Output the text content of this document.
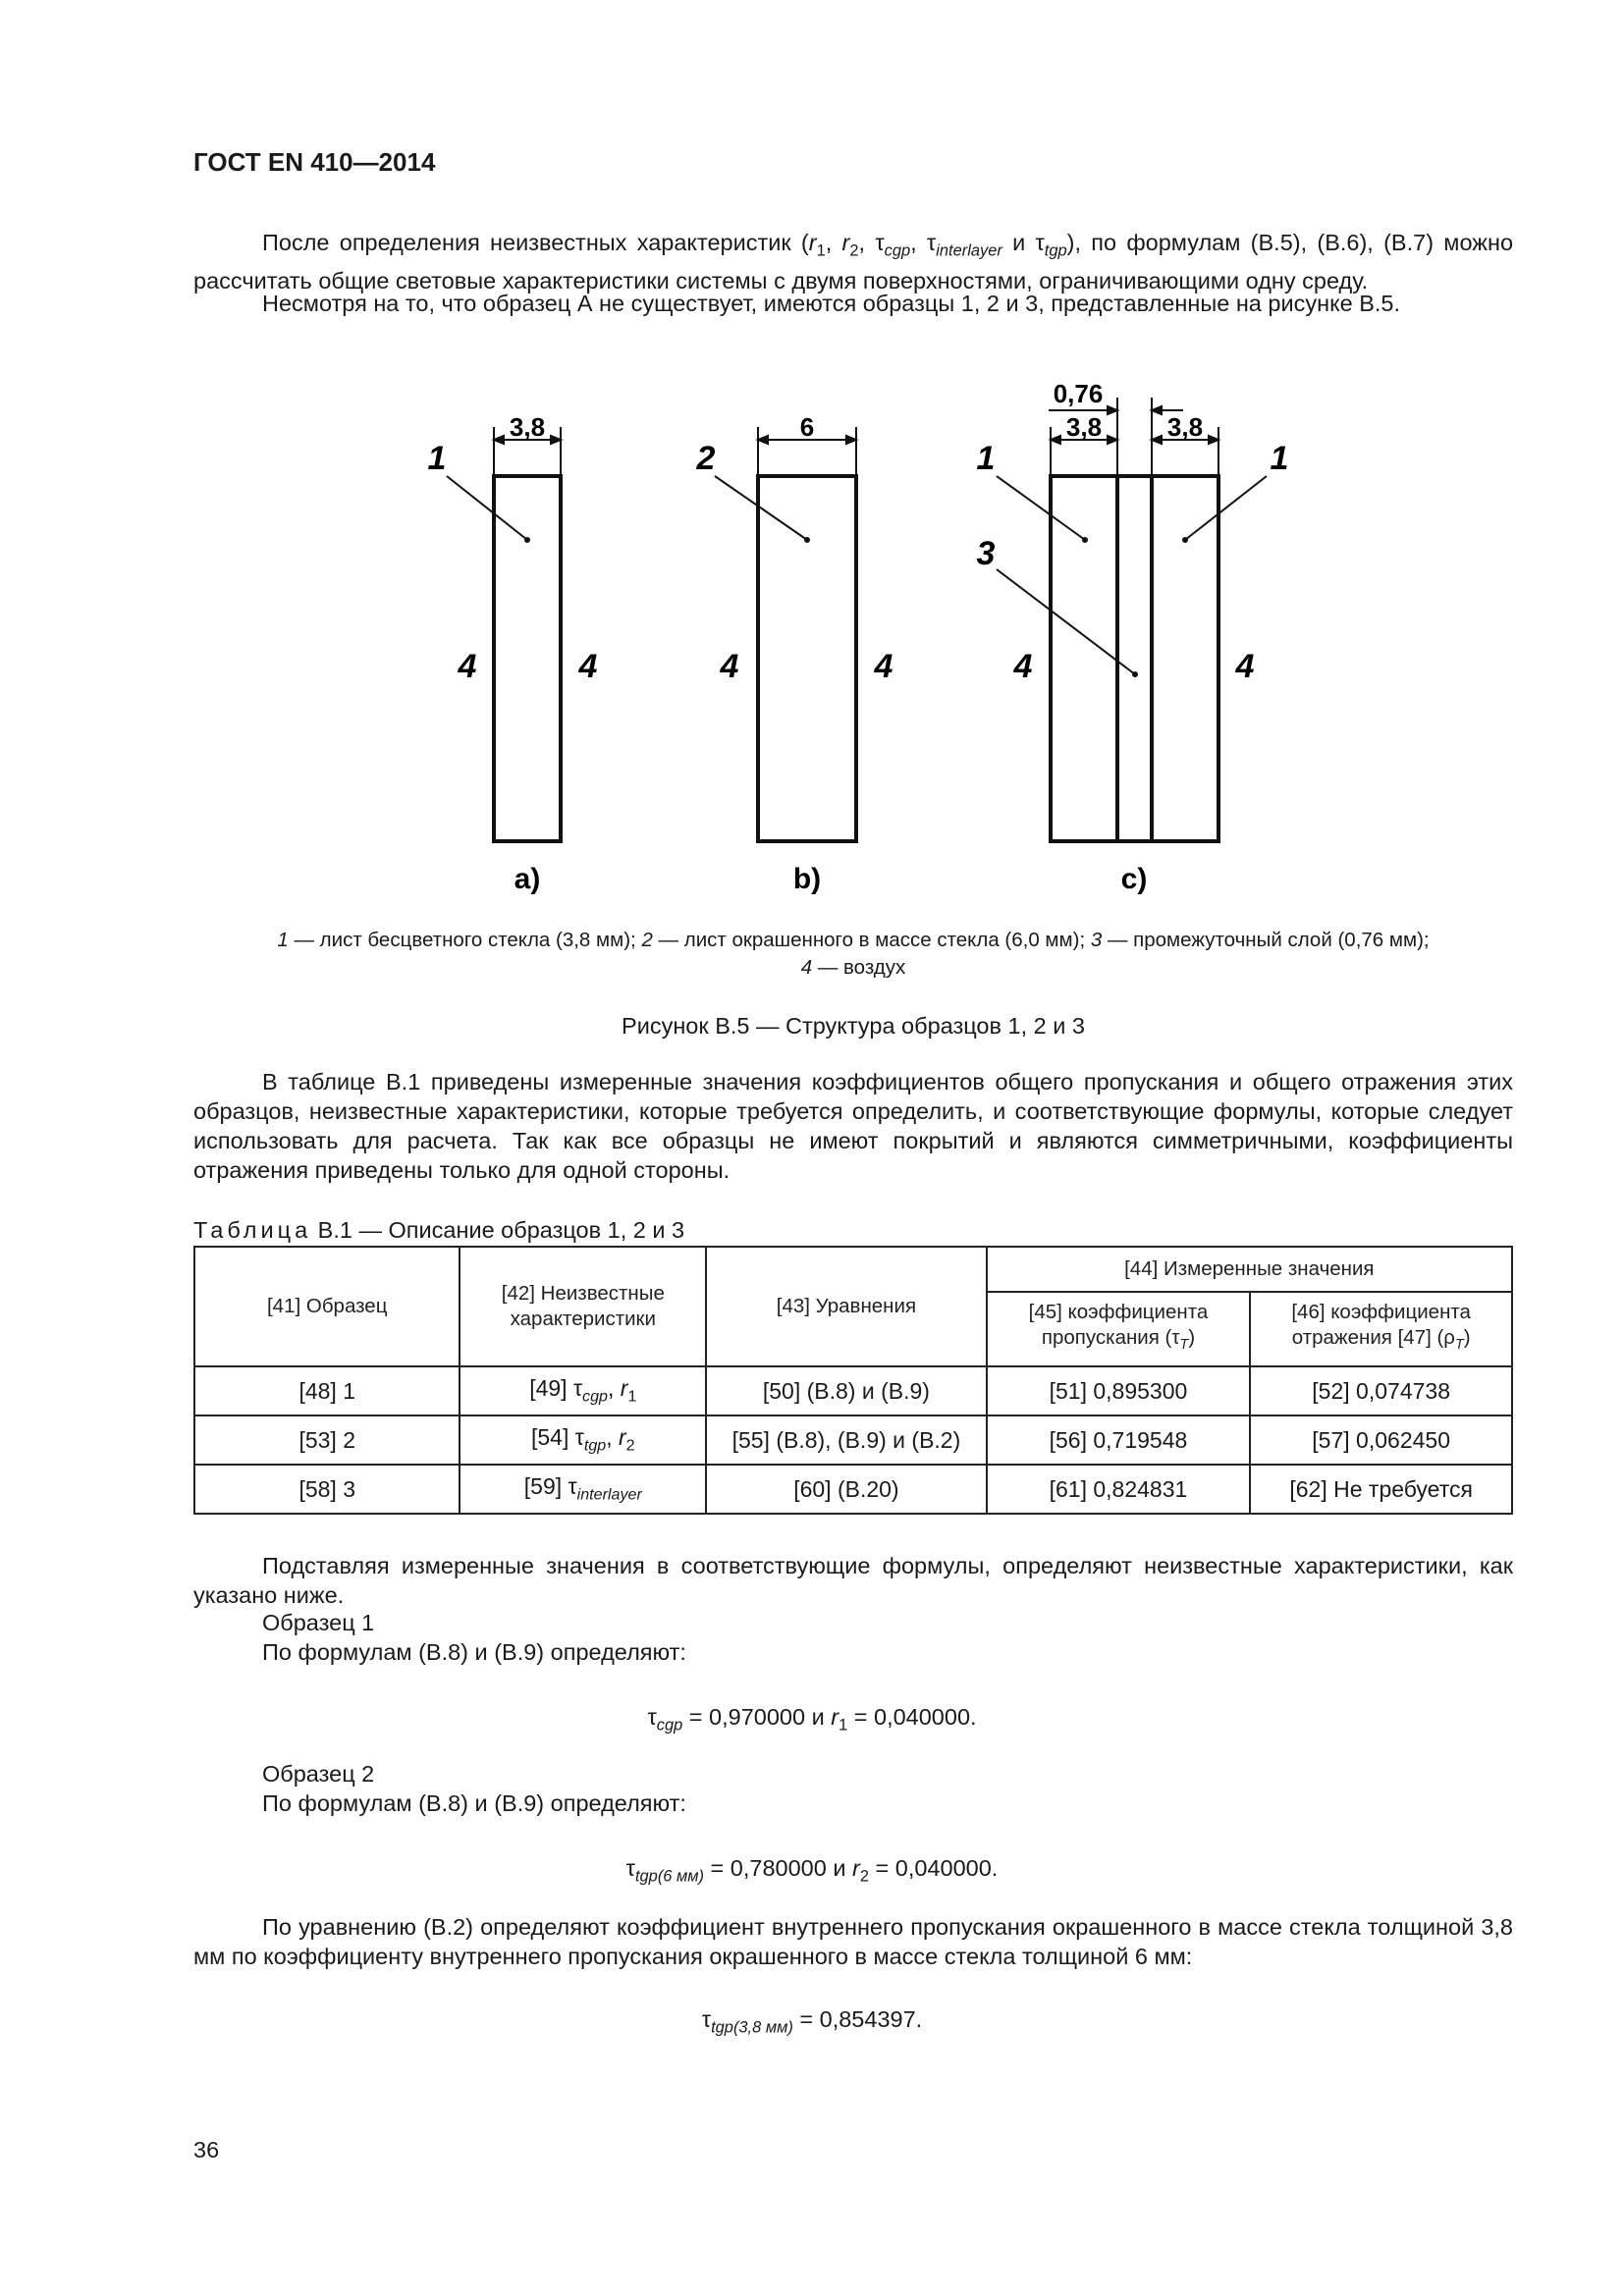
ГОСТ EN 410—2014
После определения неизвестных характеристик ($r_1$, $r_2$, $\tau_{cgp}$, $\tau_{interlayer}$ и $\tau_{tgp}$), по формулам (В.5), (В.6), (В.7) можно рассчитать общие световые характеристики системы с двумя поверхностями, ограничивающими одну среду.
Несмотря на то, что образец А не существует, имеются образцы 1, 2 и 3, представленные на рисунке В.5.
3,8	6
0,76
3,8	3,8
1	2	1
3
1
4	4	4	4	4	4
а)	b)	c)
1 — лист бесцветного стекла (3,8 мм); 2 — лист окрашенного в массе стекла (6,0 мм); 3 — промежуточный слой (0,76 мм);
4 — воздух
Рисунок В.5 — Структура образцов 1, 2 и 3
В таблице В.1 приведены измеренные значения коэффициентов общего пропускания и общего отражения этих образцов, неизвестные характеристики, которые требуется определить, и соответствующие формулы, которые следует использовать для расчета. Так как все образцы не имеют покрытий и являются симметричными, коэффициенты отражения приведены только для одной стороны.
Таблица В.1 — Описание образцов 1, 2 и 3
[41] Образец	[42] Неизвестные характеристики	[43] Уравнения	[44] Измеренные значения	
			[45] коэффициента пропускания $(\tau_T)$	[46] коэффициента отражения [47] $(\rho_T)$
[48] 1	[49] $\tau_{cgp}$, $r_1$	[50] (В.8) и (В.9)	[51] 0,895300	[52] 0,074738
[53] 2	[54] $\tau_{tgp}$, $r_2$	[55] (В.8), (В.9) и (В.2)	[56] 0,719548	[57] 0,062450
[58] 3	[59] $\tau_{interlayer}$	[60] (В.20)	[61] 0,824831	[62] Не требуется
Подставляя измеренные значения в соответствующие формулы, определяют неизвестные характеристики, как указано ниже.
Образец 1
По формулам (В.8) и (В.9) определяют:
$\tau_{cgp} = 0,970000$ и $r_1 = 0,040000$.
Образец 2
По формулам (В.8) и (В.9) определяют:
$\tau_{tgp(6 мм)} = 0,780000$ и $r_2 = 0,040000$.
По уравнению (В.2) определяют коэффициент внутреннего пропускания окрашенного в массе стекла толщиной 3,8 мм по коэффициенту внутреннего пропускания окрашенного в массе стекла толщиной 6 мм:
$\tau_{tgp(3,8 мм)} = 0,854397$.
36
